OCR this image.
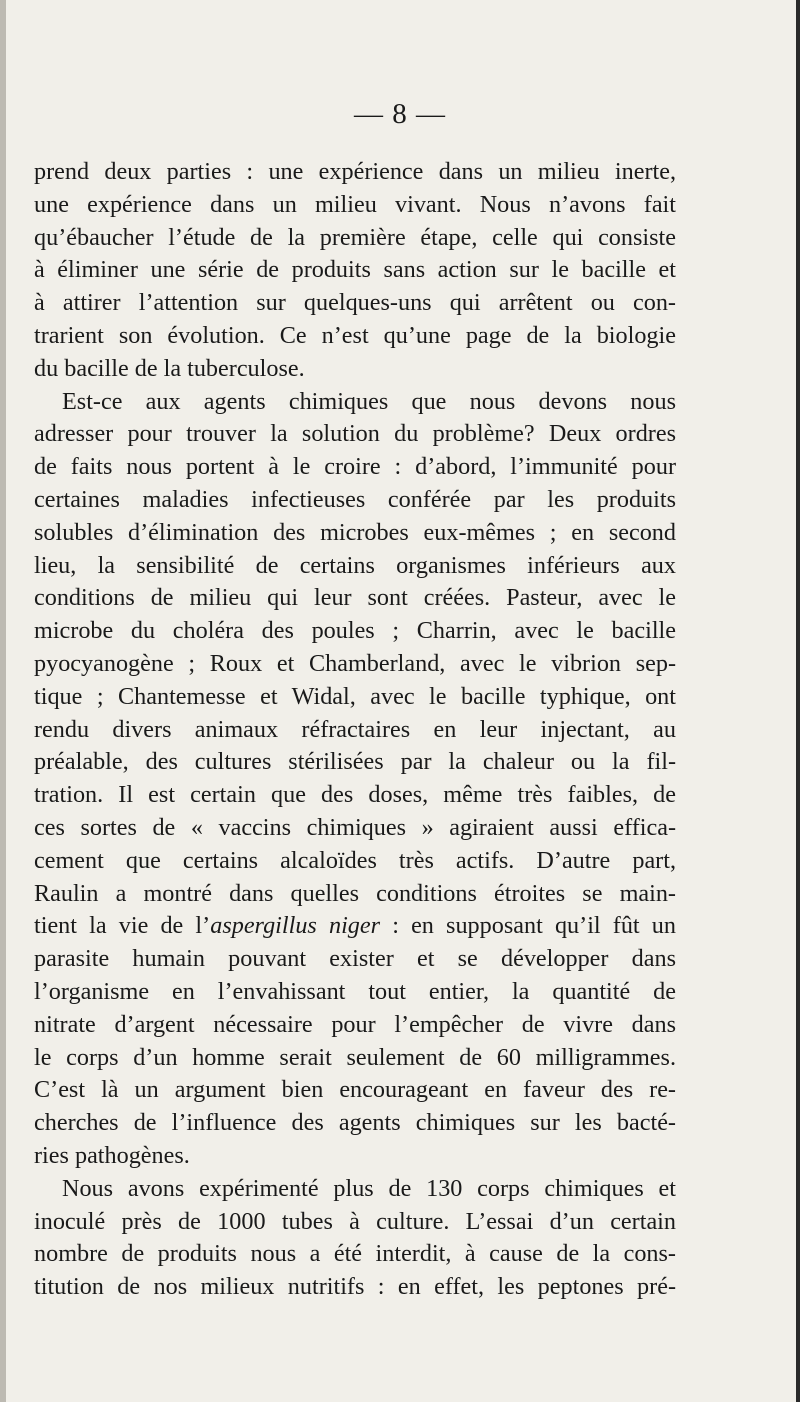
— 8 —
prend deux parties : une expérience dans un milieu inerte,
une expérience dans un milieu vivant. Nous n’avons fait
qu’ébaucher l’étude de la première étape, celle qui consiste
à éliminer une série de produits sans action sur le bacille et
à attirer l’attention sur quelques-uns qui arrêtent ou con-
trarient son évolution. Ce n’est qu’une page de la biologie
du bacille de la tuberculose.
Est-ce aux agents chimiques que nous devons nous
adresser pour trouver la solution du problème? Deux ordres
de faits nous portent à le croire : d’abord, l’immunité pour
certaines maladies infectieuses conférée par les produits
solubles d’élimination des microbes eux-mêmes ; en second
lieu, la sensibilité de certains organismes inférieurs aux
conditions de milieu qui leur sont créées. Pasteur, avec le
microbe du choléra des poules ; Charrin, avec le bacille
pyocyanogène ; Roux et Chamberland, avec le vibrion sep-
tique ; Chantemesse et Widal, avec le bacille typhique, ont
rendu divers animaux réfractaires en leur injectant, au
préalable, des cultures stérilisées par la chaleur ou la fil-
tration. Il est certain que des doses, même très faibles, de
ces sortes de « vaccins chimiques » agiraient aussi effica-
cement que certains alcaloïdes très actifs. D’autre part,
Raulin a montré dans quelles conditions étroites se main-
tient la vie de l’aspergillus niger : en supposant qu’il fût un
parasite humain pouvant exister et se développer dans
l’organisme en l’envahissant tout entier, la quantité de
nitrate d’argent nécessaire pour l’empêcher de vivre dans
le corps d’un homme serait seulement de 60 milligrammes.
C’est là un argument bien encourageant en faveur des re-
cherches de l’influence des agents chimiques sur les bacté-
ries pathogènes.
Nous avons expérimenté plus de 130 corps chimiques et
inoculé près de 1000 tubes à culture. L’essai d’un certain
nombre de produits nous a été interdit, à cause de la cons-
titution de nos milieux nutritifs : en effet, les peptones pré-
